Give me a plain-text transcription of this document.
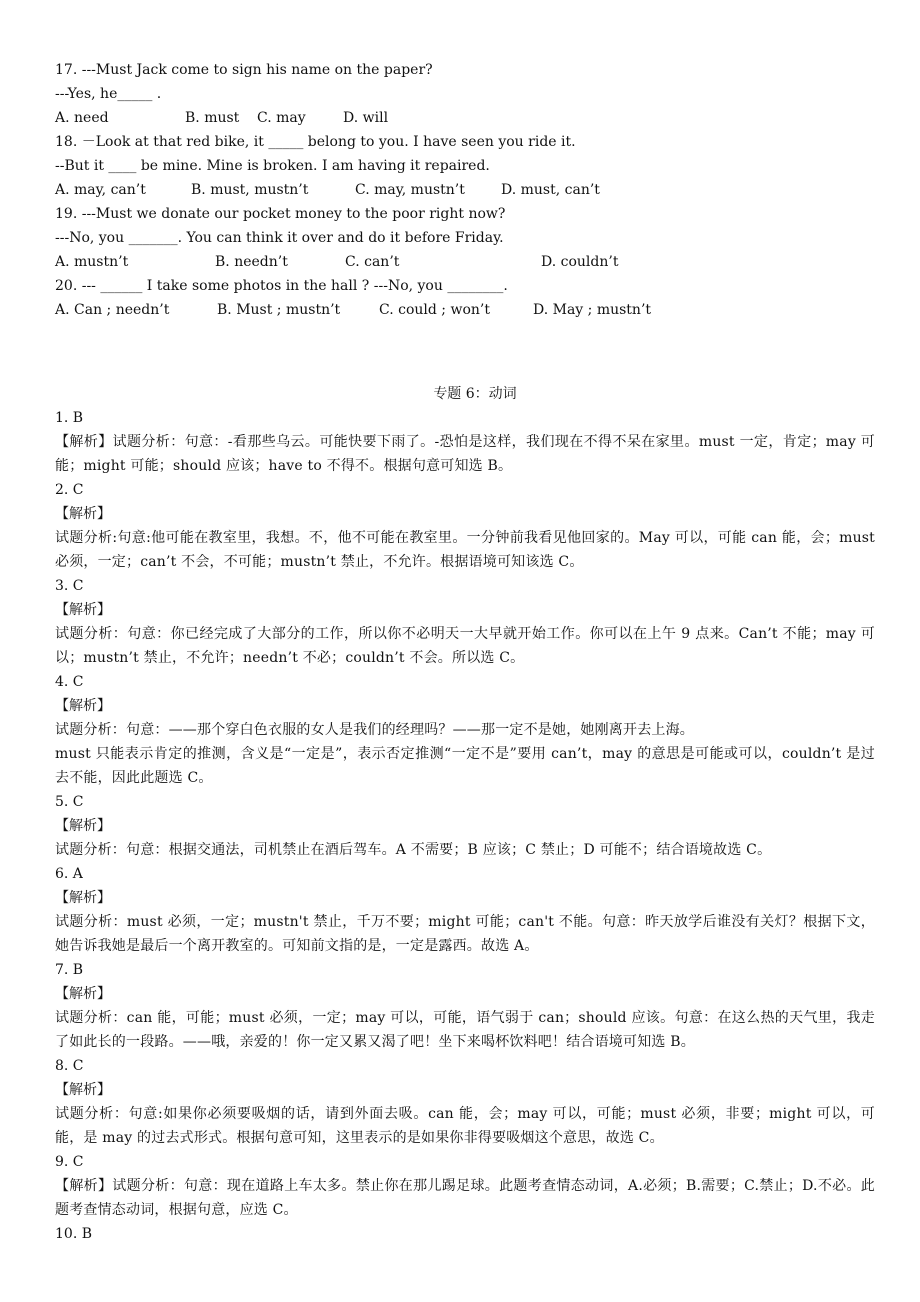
17. ---Must Jack come to sign his name on the paper?
---Yes, he_____ .
A. need	B. must	C. may	D. will
18. －Look at that red bike, it _____ belong to you. I have seen you ride it.
--But it ____ be mine. Mine is broken. I am having it repaired.
A. may, can’t	B. must, mustn’t	C. may, mustn’t	D. must, can’t
19. ---Must we donate our pocket money to the poor right now?
---No, you _______. You can think it over and do it before Friday.
A. mustn’t	B. needn’t	C. can’t	D. couldn’t
20. --- ______ I take some photos in the hall ? ---No, you ________.
A. Can ; needn’t	B. Must ; mustn’t	C. could ; won’t	D. May ; mustn’t
专题 6：动词
1. B
【解析】试题分析：句意：-看那些乌云。可能快要下雨了。-恐怕是这样，我们现在不得不呆在家里。must 一定，肯定；may 可能；might 可能；should 应该；have to 不得不。根据句意可知选 B。
2. C
【解析】
试题分析:句意:他可能在教室里，我想。不，他不可能在教室里。一分钟前我看见他回家的。May 可以，可能 can 能，会；must 必须，一定；can’t 不会，不可能；mustn’t 禁止，不允许。根据语境可知该选 C。
3. C
【解析】
试题分析：句意：你已经完成了大部分的工作，所以你不必明天一大早就开始工作。你可以在上午 9 点来。Can’t 不能；may 可以；mustn’t 禁止，不允许；needn’t 不必；couldn’t 不会。所以选 C。
4. C
【解析】
试题分析：句意：——那个穿白色衣服的女人是我们的经理吗？——那一定不是她，她刚离开去上海。
must 只能表示肯定的推测，含义是“一定是”，表示否定推测“一定不是”要用 can’t，may 的意思是可能或可以，couldn’t 是过去不能，因此此题选 C。
5. C
【解析】
试题分析：句意：根据交通法，司机禁止在酒后驾车。A 不需要；B 应该；C 禁止；D 可能不；结合语境故选 C。
6. A
【解析】
试题分析：must 必须，一定；mustn't 禁止，千万不要；might 可能；can't 不能。句意：昨天放学后谁没有关灯？根据下文，她告诉我她是最后一个离开教室的。可知前文指的是，一定是露西。故选 A。
7. B
【解析】
试题分析：can 能，可能；must 必须，一定；may 可以，可能，语气弱于 can；should 应该。句意：在这么热的天气里，我走了如此长的一段路。——哦，亲爱的！你一定又累又渴了吧！坐下来喝杯饮料吧！结合语境可知选 B。
8. C
【解析】
试题分析：句意:如果你必须要吸烟的话，请到外面去吸。can 能，会；may 可以，可能；must 必须，非要；might 可以，可能，是 may 的过去式形式。根据句意可知，这里表示的是如果你非得要吸烟这个意思，故选 C。
9. C
【解析】试题分析：句意：现在道路上车太多。禁止你在那儿踢足球。此题考查情态动词，A.必须；B.需要；C.禁止；D.不必。此题考查情态动词，根据句意，应选 C。
10. B
